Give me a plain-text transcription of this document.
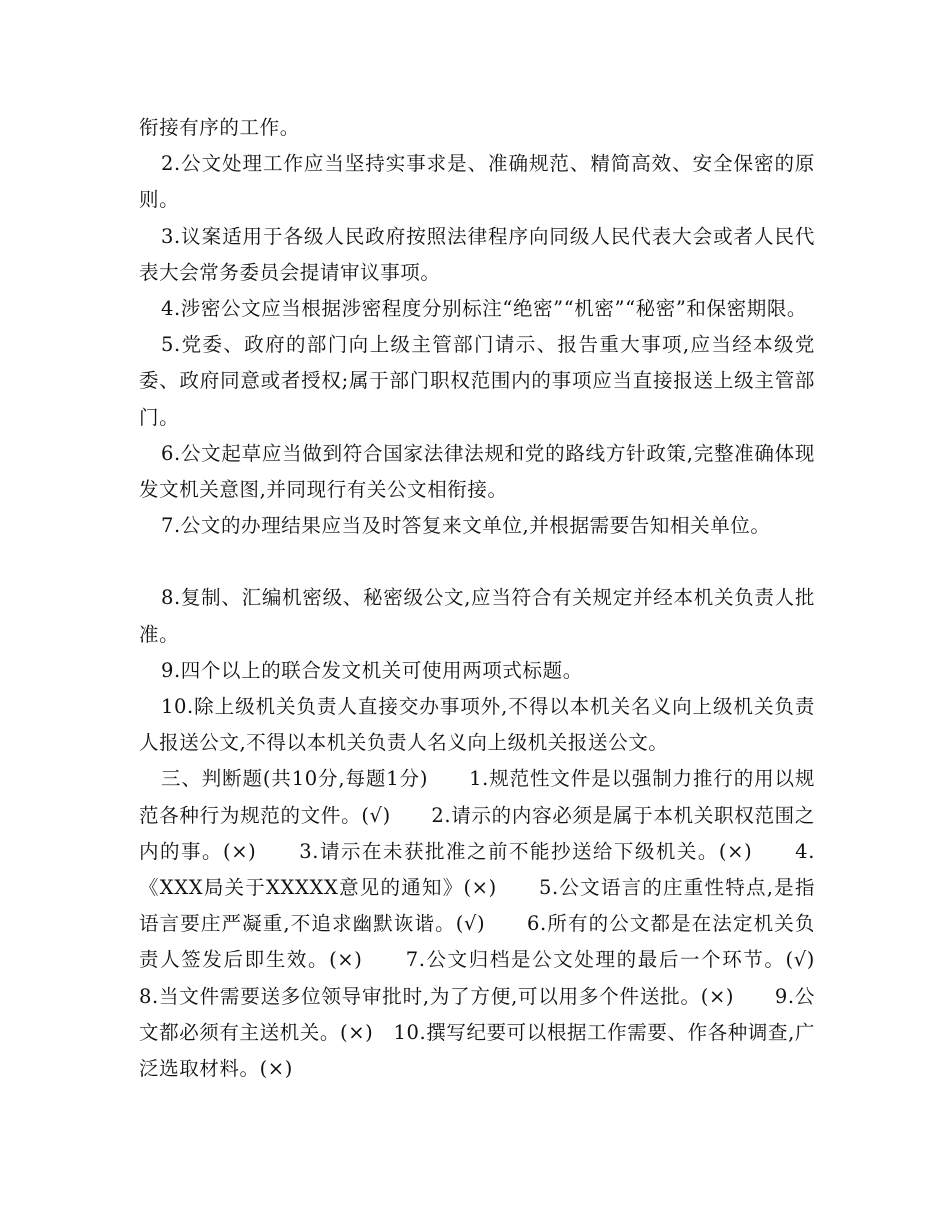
衔接有序的工作。

2.公文处理工作应当坚持实事求是、准确规范、精简高效、安全保密的原则。

3.议案适用于各级人民政府按照法律程序向同级人民代表大会或者人民代表大会常务委员会提请审议事项。

4.涉密公文应当根据涉密程度分别标注“绝密”“机密”“秘密”和保密期限。

5.党委、政府的部门向上级主管部门请示、报告重大事项,应当经本级党委、政府同意或者授权;属于部门职权范围内的事项应当直接报送上级主管部门。

6.公文起草应当做到符合国家法律法规和党的路线方针政策,完整准确体现发文机关意图,并同现行有关公文相衔接。

7.公文的办理结果应当及时答复来文单位,并根据需要告知相关单位。

8.复制、汇编机密级、秘密级公文,应当符合有关规定并经本机关负责人批准。

9.四个以上的联合发文机关可使用两项式标题。

10.除上级机关负责人直接交办事项外,不得以本机关名义向上级机关负责人报送公文,不得以本机关负责人名义向上级机关报送公文。

三、判断题(共10分,每题1分)　　1.规范性文件是以强制力推行的用以规范各种行为规范的文件。(√)　　2.请示的内容必须是属于本机关职权范围之内的事。(×)　　3.请示在未获批准之前不能抄送给下级机关。(×)　　4.《XXX局关于XXXXX意见的通知》(×)　　5.公文语言的庄重性特点,是指语言要庄严凝重,不追求幽默诙谐。(√)　　6.所有的公文都是在法定机关负责人签发后即生效。(×)　　7.公文归档是公文处理的最后一个环节。(√)　　8.当文件需要送多位领导审批时,为了方便,可以用多个件送批。(×)　　9.公文都必须有主送机关。(×)　10.撰写纪要可以根据工作需要、作各种调查,广泛选取材料。(×)
